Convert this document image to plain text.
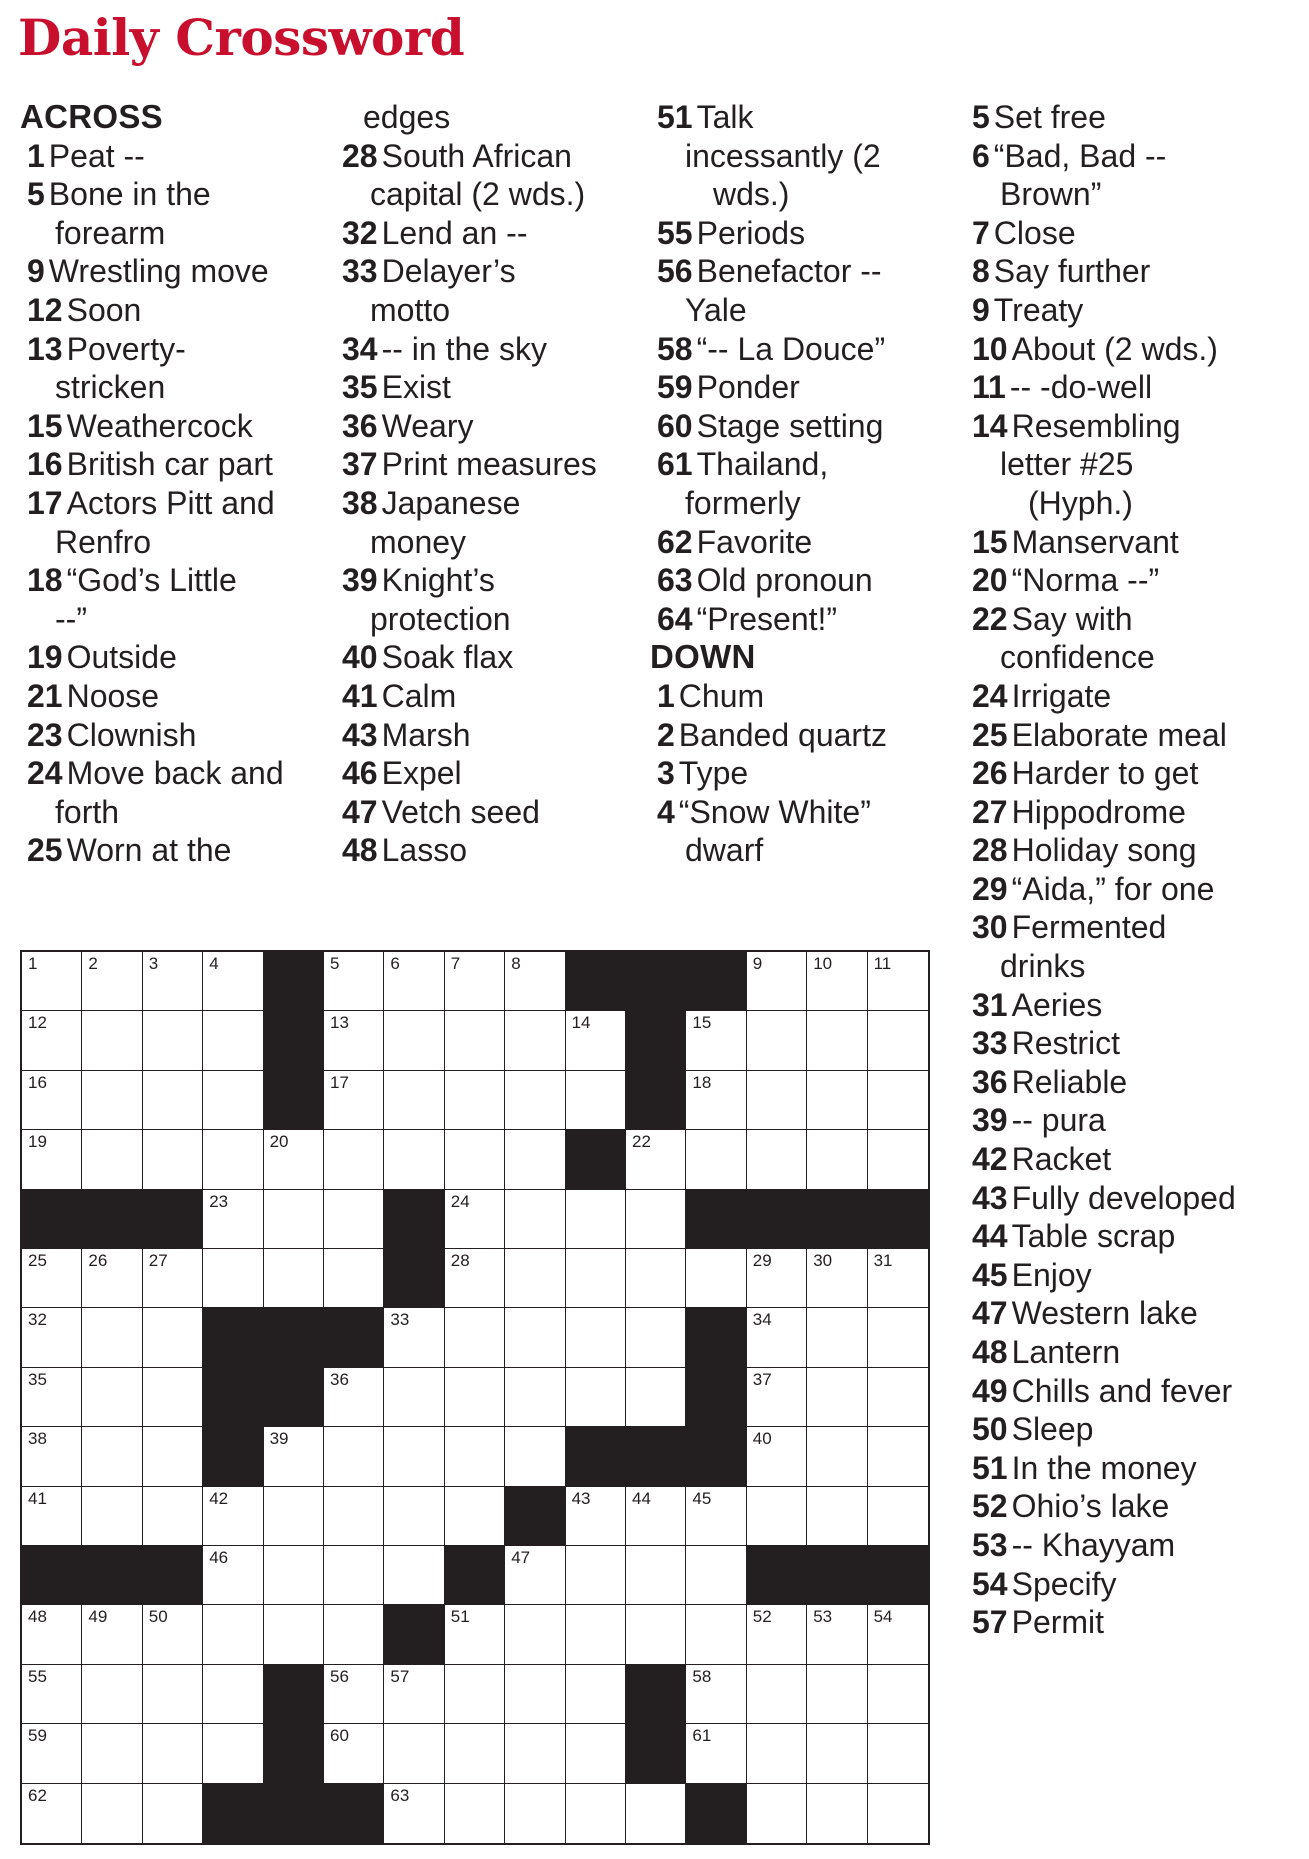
Daily Crossword
ACROSS
1 Peat --
5 Bone in the
forearm
9 Wrestling move
12 Soon
13 Poverty-
stricken
15 Weathercock
16 British car part
17 Actors Pitt and
Renfro
18 “God’s Little
--”
19 Outside
21 Noose
23 Clownish
24 Move back and
forth
25 Worn at the
edges
28 South African
capital (2 wds.)
32 Lend an --
33 Delayer’s
motto
34 -- in the sky
35 Exist
36 Weary
37 Print measures
38 Japanese
money
39 Knight’s
protection
40 Soak flax
41 Calm
43 Marsh
46 Expel
47 Vetch seed
48 Lasso
51 Talk
incessantly (2
wds.)
55 Periods
56 Benefactor --
Yale
58 “-- La Douce”
59 Ponder
60 Stage setting
61 Thailand,
formerly
62 Favorite
63 Old pronoun
64 “Present!”
DOWN
1 Chum
2 Banded quartz
3 Type
4 “Snow White”
dwarf
5 Set free
6 “Bad, Bad --
Brown”
7 Close
8 Say further
9 Treaty
10 About (2 wds.)
11 -- -do-well
14 Resembling
letter #25
(Hyph.)
15 Manservant
20 “Norma --”
22 Say with
confidence
24 Irrigate
25 Elaborate meal
26 Harder to get
27 Hippodrome
28 Holiday song
29 “Aida,” for one
30 Fermented
drinks
31 Aeries
33 Restrict
36 Reliable
39 -- pura
42 Racket
43 Fully developed
44 Table scrap
45 Enjoy
47 Western lake
48 Lantern
49 Chills and fever
50 Sleep
51 In the money
52 Ohio’s lake
53 -- Khayyam
54 Specify
57 Permit
1	2	3	4	5	6	7	8	9	10 11
12	13	14	15
16	17	18
19	20	22
23	24
25 26 27	28	29 30 31
32	33	34
35	36	37
38	39	40
41	42	43 44 45
46	47
48 49 50	51	52 53 54
55	56 57	58
59	60	61
62	63
